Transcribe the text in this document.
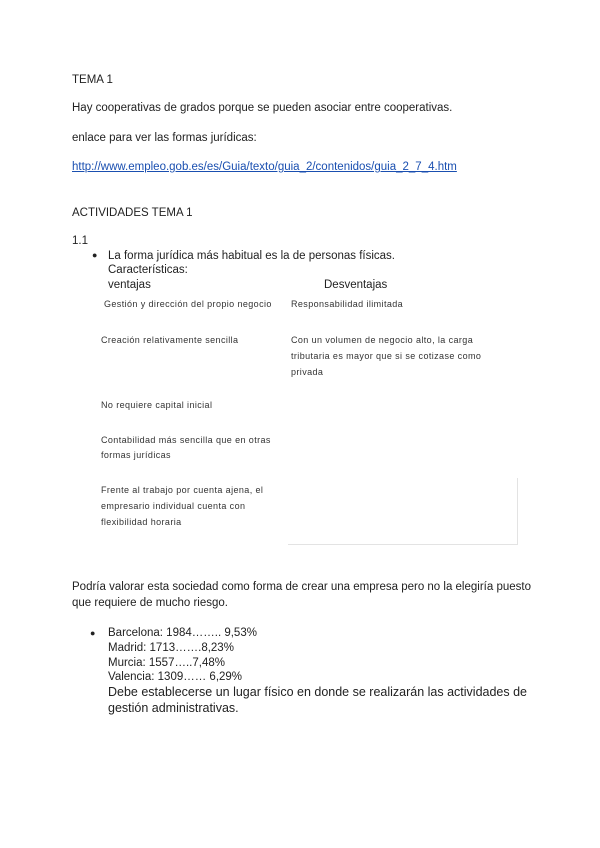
TEMA 1
Hay cooperativas de grados porque se pueden asociar entre cooperativas.
enlace para ver las formas jurídicas:
http://www.empleo.gob.es/es/Guia/texto/guia_2/contenidos/guia_2_7_4.htm
ACTIVIDADES TEMA 1
1.1
● La forma jurídica más habitual es la de personas físicas.
Características:
ventajas	Desventajas
Gestión y dirección del propio negocio Responsabilidad ilimitada
Creación relativamente sencilla	Con un volumen de negocio alto, la carga
tributaria es mayor que si se cotizase como
privada
No requiere capital inicial
Contabilidad más sencilla que en otras
formas jurídicas
Frente al trabajo por cuenta ajena, el
empresario individual cuenta con
flexibilidad horaria
Podría valorar esta sociedad como forma de crear una empresa pero no la elegiría puesto
que requiere de mucho riesgo.
● Barcelona: 1984…….. 9,53%
Madrid: 1713…….8,23%
Murcia: 1557…..7,48%
Valencia: 1309…… 6,29%
Debe establecerse un lugar físico en donde se realizarán las actividades de
gestión administrativas.
